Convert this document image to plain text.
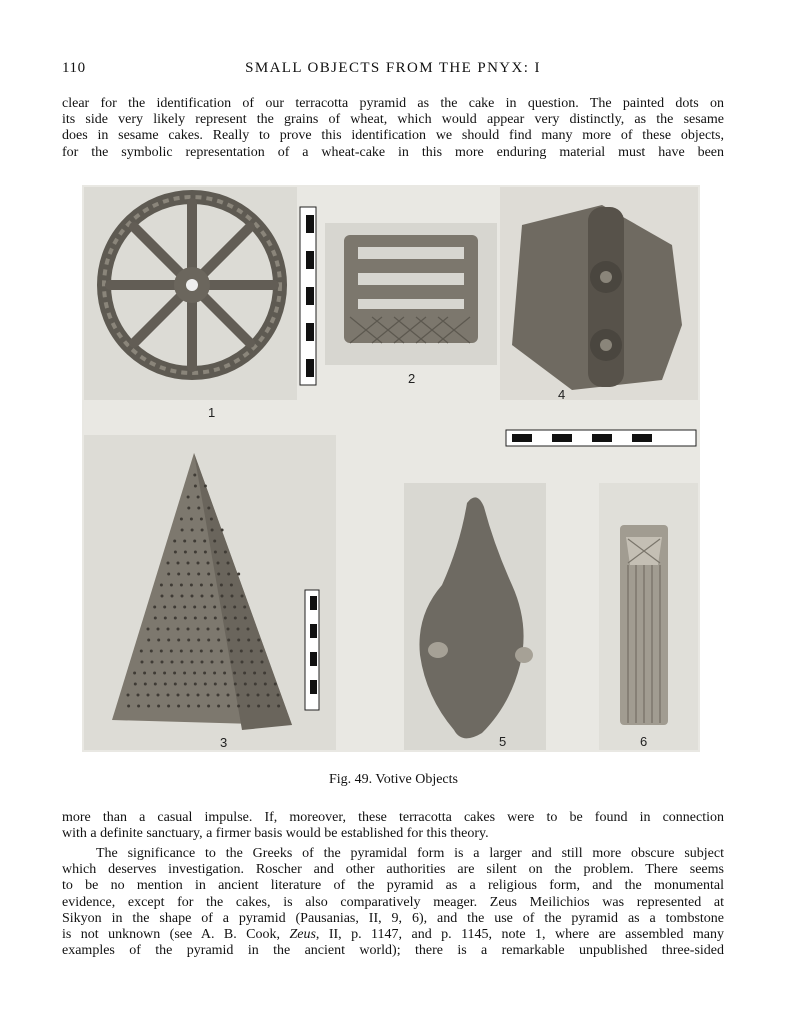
110	SMALL OBJECTS FROM THE PNYX: I
clear for the identification of our terracotta pyramid as the cake in question. The painted dots on
its side very likely represent the grains of wheat, which would appear very distinctly, as the sesame
does in sesame cakes. Really to prove this identification we should find many more of these objects,
for the symbolic representation of a wheat-cake in this more enduring material must have been
1
2
4
3	5	6
Fig. 49. Votive Objects
more than a casual impulse. If, moreover, these terracotta cakes were to be found in connection
with a definite sanctuary, a firmer basis would be established for this theory.
The significance to the Greeks of the pyramidal form is a larger and still more obscure subject
which deserves investigation. Roscher and other authorities are silent on the problem. There seems
to be no mention in ancient literature of the pyramid as a religious form, and the monumental
evidence, except for the cakes, is also comparatively meager. Zeus Meilichios was represented at
Sikyon in the shape of a pyramid (Pausanias, II, 9, 6), and the use of the pyramid as a tombstone
is not unknown (see A. B. Cook, Zeus, II, p. 1147, and p. 1145, note 1, where are assembled many
examples of the pyramid in the ancient world); there is a remarkable unpublished three-sided
